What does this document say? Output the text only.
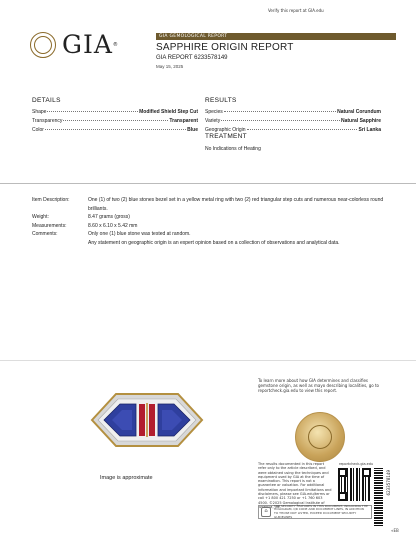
Verify this report at GIA.edu
GIA ®
GIA GEMOLOGICAL REPORT
SAPPHIRE ORIGIN REPORT
GIA REPORT 6233578149
May 15, 2025
DETAILS
Shape	Modified Shield Step Cut
Transparency	Transparent
Color	Blue
RESULTS
Species	Natural Corundum
Variety	Natural Sapphire
Geographic Origin	Sri Lanka
TREATMENT
No Indications of Heating
Item Description:	One (1) of two (2) blue stones bezel set in a yellow metal ring with two (2) red triangular step cuts and numerous near-colorless round brilliants.
Weight:	8.47 grams (gross)
Measurements:	8.60 x 6.10 x 5.42 mm
Comments:	Only one (1) blue stone was tested at random.
Any statement on geographic origin is an expert opinion based on a collection of observations and analytical data.
Image is approximate
To learn more about how GIA determines and classifies gemstone origin, as well as mayo describing localities, go to reportcheck.gia.edu to view this report.
The results documented in this report refer only to the article described, and were obtained using the techniques and equipment used by GIA at the time of examination. This report is not a guarantee or valuation. For additional information and important limitations and disclaimers, please see GIA.edu/terms or call +1 800 421 7250 or +1 760 603 4500. ©2025 Gemological Institute of America, Inc.
reportcheck.gia.edu
6233578149
⌂
THE SECURITY FEATURES IN THIS DOCUMENT, INCLUDING THE HOLOGRAM, QR CODE AND DOCUMENT LINES, IN ADDITION TO THOSE NOT LISTED, EXCEED DOCUMENT SECURITY GUIDELINES
«EB
